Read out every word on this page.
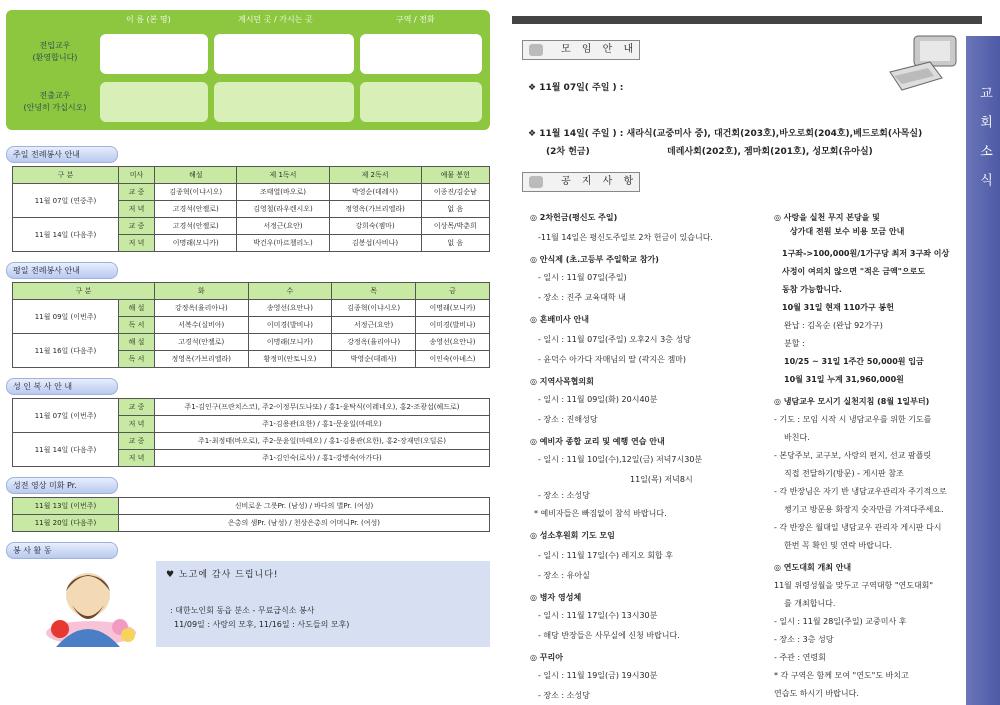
이 름 (본 명)	계시던 곳 / 가시는 곳	구역 / 전화
전입교우
(환영합니다)
전출교우
(안녕히 가십시오)
주일 전례봉사 안내
구 분	미사	해설	제 1독서	제 2독서	예물 봉헌
11월 07일 (연중주)	교 중	김종혁(이냐시오)	조태열(바오로)	박영순(데레사)	이종진/김순남
	저 녁	고경석(안젤로)	김영철(라우렌시오)	정영옥(가브리엘라)	없 음
11월 14일 (다음주)	교 중	고경석(안젤로)	서정근(요안)	강희숙(젬마)	이상목/박춘희
	저 녁	이명래(모니카)	박건우(마르첼리노)	김봉섭(사비나)	없 음
평일 전례봉사 안내
구 분		화	수	목	금
11월 09일 (이번주)	해 설	강정옥(율리아나)	송영선(요안나)	김종혁(이냐시오)	이명래(모니카)
	독 서	서복수(실비아)	이미경(발비나)	서정근(요안)	이미경(발비나)
11월 16일 (다음주)	해 설	고경석(안젤로)	이명래(모니카)	강정옥(율리아나)	송영선(요안나)
	독 서	정영옥(가브리엘라)	황정미(안토니오)	박영순(데레사)	이인숙(아녜스)
성 인 복 사 안 내
11월 07일 (이번주)	교 중	주1-김인구(프란치스코), 주2-이정무(도나또) / 홍1-윤탁식(이레네오), 홍2-조광섭(헤드로)
	저 녁	주1-김용관(요한) / 홍1-문윤일(마태오)
11월 14일 (다음주)	교 중	주1-최정태(바오로), 주2-문윤일(마태오) / 홍1-김용관(요한), 홍2-장재민(오딜론)
	저 녁	주1-김인숙(로사) / 홍1-강병숙(아가다)
성전 영상 미화 Pr.
11월 13일 (이번주)	신비로운 그릇Pr. (남성) / 바다의 별Pr. (여성)
11월 20일 (다음주)	은총의 샘Pr. (남성) / 천상은총의 어머니Pr. (여성)
봉 사 활 동
♥ 노고에 감사 드립니다!
: 대한노인회 동읍 분소 - 무료급식소 봉사
11/09일 : 사랑의 모후, 11/16일 : 사도들의 모후)
교회소식
모 임 안 내
❖ 11월 07일( 주일 ) :
❖ 11월 14일( 주일 ) : 새라식(교중미사 중), 대건회(203호),바오로회(204호),베드로회(사목실)
(2차 헌금)	데레사회(202호), 젬마회(201호), 성모회(유아실)
공 지 사 항
◎ 2차헌금(평신도 주일)
-11월 14일은 평신도주일로 2차 헌금이 있습니다.
◎ 안식제 (초.고등부 주일학교 참가)
- 일시 : 11월 07일(주일)
- 장소 : 진주 교육대학 내
◎ 혼배미사 안내
- 일시 : 11월 07일(주일) 오후2시 3층 성당
- 윤덕수 아가다 자매님의 딸 (곽지은 젬마)
◎ 지역사목협의회
- 일시 : 11월 09일(화) 20시40분
- 장소 : 진해성당
◎ 예비자 종합 교리 및 예행 연습 안내
- 일시 : 11월 10일(수),12일(금) 저녁7시30분
11일(목) 저녁8시
- 장소 : 소성당
* 예비자들은 빠짐없이 참석 바랍니다.
◎ 성소후원회 기도 모임
- 일시 : 11월 17일(수) 레지오 회합 후
- 장소 : 유아실
◎ 병자 영성체
- 일시 : 11월 17일(수) 13시30분
- 해당 반장들은 사무실에 신청 바랍니다.
◎ 꾸리아
- 일시 : 11월 19일(금) 19시30분
- 장소 : 소성당
◎ 사랑을 실천 무지 본당을 및
상가대 전원 보수 비용 모금 안내
1구좌->100,000원/1가구당 최저 3구좌 이상
사정이 여의치 않으면 "적은 금액"으로도
동참 가능합니다.
10월 31일 현재 110가구 봉헌
완납 : 김옥순 (완납 92가구)
분할 :
10/25 ~ 31일 1주간 50,000원 입금
10월 31일 누계 31,960,000원
◎ 냉담교우 모시기 실천지침 (8월 1일부터)
- 기도 : 모임 시작 시 냉담교우를 위한 기도를
바친다.
- 본당주보, 교구보, 사랑의 편지, 선교 팜플릿
직접 전달하기(방문) - 게시판 참조
- 각 반장님은 자기 반 냉담교우관리자 주기적으로
챙기고 방문용 화장지 숫자만큼 가져다주세요.
- 각 반장은 월대일 냉담교우 관리자 게시판 다시
한번 꼭 확인 및 연락 바랍니다.
◎ 연도대회 개최 안내
11월 위령성월을 맞두고 구역대항 "연도대회"
를 개최합니다.
- 일시 : 11월 28일(주일) 교중미사 후
- 장소 : 3층 성당
- 주관 : 연령회
* 각 구역은 함께 모여 "연도"도 바치고
연습도 하시기 바랍니다.
